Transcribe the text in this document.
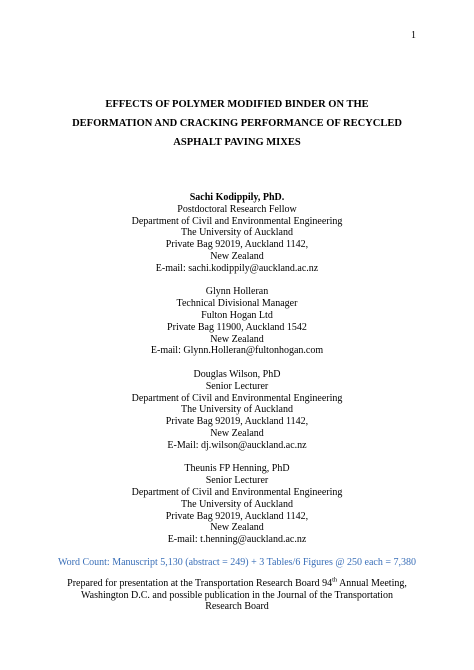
1
EFFECTS OF POLYMER MODIFIED BINDER ON THE
DEFORMATION AND CRACKING PERFORMANCE OF RECYCLED
ASPHALT PAVING MIXES
Sachi Kodippily, PhD.
Postdoctoral Research Fellow
Department of Civil and Environmental Engineering
The University of Auckland
Private Bag 92019, Auckland 1142,
New Zealand
E-mail: sachi.kodippily@auckland.ac.nz
Glynn Holleran
Technical Divisional Manager
Fulton Hogan Ltd
Private Bag 11900, Auckland 1542
New Zealand
E-mail: Glynn.Holleran@fultonhogan.com
Douglas Wilson, PhD
Senior Lecturer
Department of Civil and Environmental Engineering
The University of Auckland
Private Bag 92019, Auckland 1142,
New Zealand
E-Mail: dj.wilson@auckland.ac.nz
Theunis FP Henning, PhD
Senior Lecturer
Department of Civil and Environmental Engineering
The University of Auckland
Private Bag 92019, Auckland 1142,
New Zealand
E-mail: t.henning@auckland.ac.nz
Word Count: Manuscript 5,130 (abstract = 249) + 3 Tables/6 Figures @ 250 each = 7,380
Prepared for presentation at the Transportation Research Board 94th Annual Meeting, Washington D.C. and possible publication in the Journal of the Transportation Research Board
